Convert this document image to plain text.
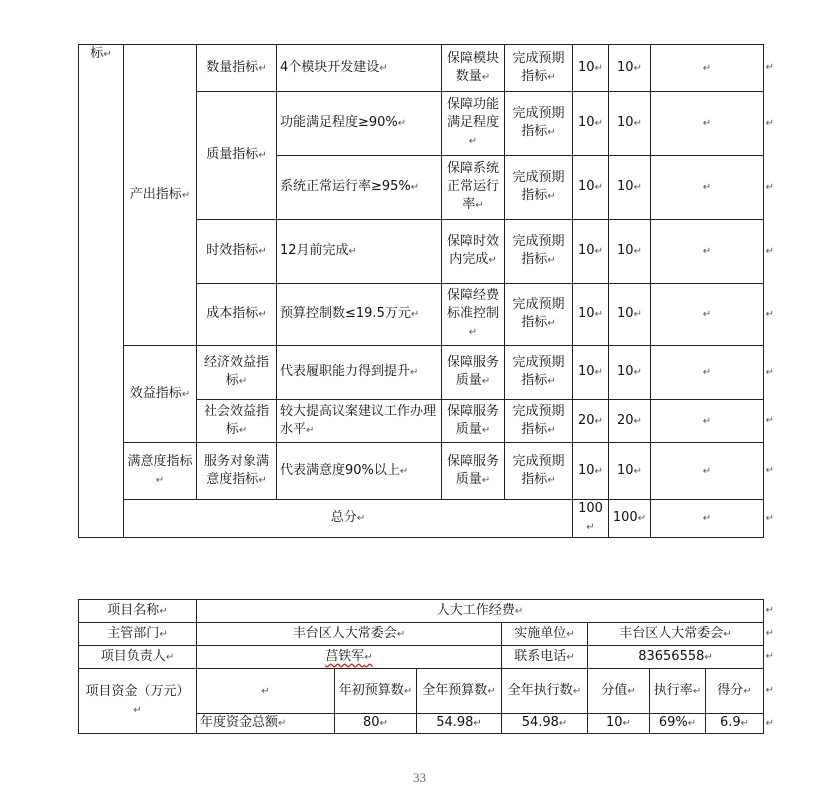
标 ↵	产出指标 ↵	数量指标 ↵	4个模块开发建设 ↵	保障模块数量 ↵	完成预期指标 ↵	10 ↵	10 ↵	↵ ↵
		质量指标 ↵	功能满足程度≥90% ↵	保障功能满足程度 ↵	完成预期指标 ↵	10 ↵	10 ↵	↵ ↵
			系统正常运行率≥95% ↵	保障系统正常运行率 ↵	完成预期指标 ↵	10 ↵	10 ↵	↵ ↵
		时效指标 ↵	12月前完成 ↵	保障时效内完成 ↵	完成预期指标 ↵	10 ↵	10 ↵	↵ ↵
		成本指标 ↵	预算控制数≤19.5万元 ↵	保障经费标准控制 ↵	完成预期指标 ↵	10 ↵	10 ↵	↵ ↵
	效益指标 ↵	经济效益指标 ↵	代表履职能力得到提升 ↵	保障服务质量 ↵	完成预期指标 ↵	10 ↵	10 ↵	↵ ↵
		社会效益指标 ↵	较大提高议案建议工作办理水平 ↵	保障服务质量 ↵	完成预期指标 ↵	20 ↵	20 ↵	↵ ↵
	满意度指标 ↵	服务对象满意度指标 ↵	代表满意度90%以上 ↵	保障服务质量 ↵	完成预期指标 ↵	10 ↵	10 ↵	↵ ↵
	总分 ↵					100 ↵	100 ↵	↵ ↵
项目名称 ↵	↵ 人大工作经费 ↵
主管部门 ↵	丰台区人大常委会 ↵			实施单位 ↵	↵ 丰台区人大常委会 ↵
项目负责人 ↵	莒铁军 ↵			联系电话 ↵	↵ 83656558 ↵
项目资金（万元） ↵	↵	年初预算数 ↵	全年预算数 ↵	全年执行数 ↵	分值 ↵	执行率 ↵	↵ 得分 ↵
	年度资金总额 ↵	80 ↵	54.98 ↵	54.98 ↵	10 ↵	69% ↵	↵ 6.9 ↵
33
